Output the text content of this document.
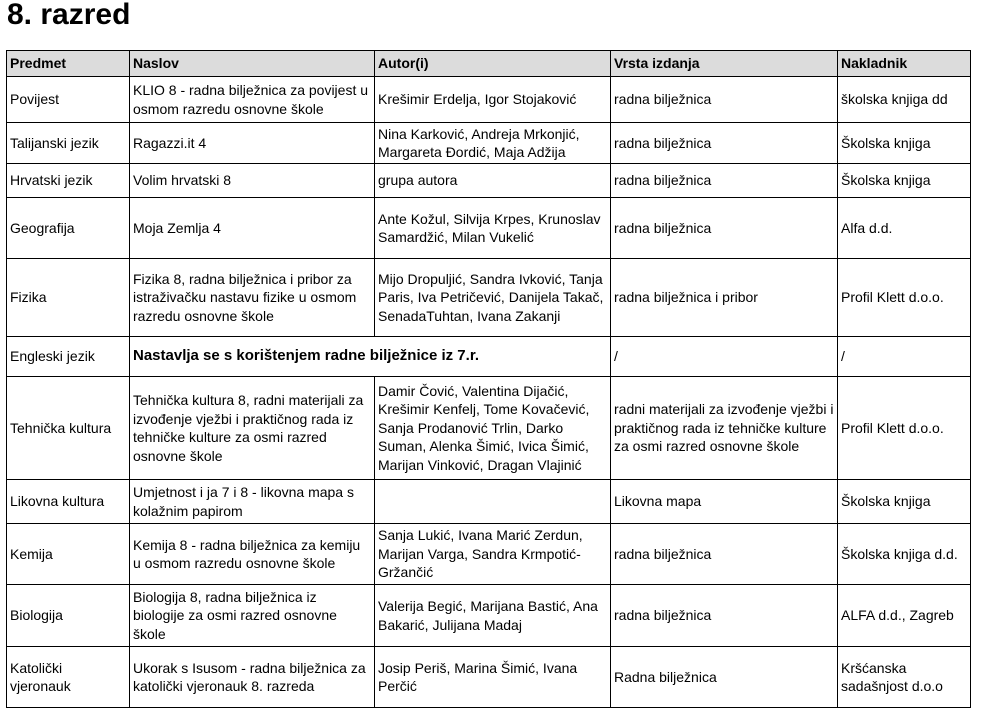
8. razred
Predmet	Naslov	Autor(i)	Vrsta izdanja	Nakladnik
Povijest	KLIO 8 - radna bilježnica za povijest u osmom razredu osnovne škole	Krešimir Erdelja, Igor Stojaković	radna bilježnica	školska knjiga dd
Talijanski jezik	Ragazzi.it 4	Nina Karković, Andreja Mrkonjić, Margareta Đordić, Maja Adžija	radna bilježnica	Školska knjiga
Hrvatski jezik	Volim hrvatski 8	grupa autora	radna bilježnica	Školska knjiga
Geografija	Moja Zemlja 4	Ante Kožul, Silvija Krpes, Krunoslav Samardžić, Milan Vukelić	radna bilježnica	Alfa d.d.
Fizika	Fizika 8, radna bilježnica i pribor za istraživačku nastavu fizike u osmom razredu osnovne škole	Mijo Dropuljić, Sandra Ivković, Tanja Paris, Iva Petričević, Danijela Takač, SenadaTuhtan, Ivana Zakanji	radna bilježnica i pribor	Profil Klett d.o.o.
Engleski jezik	Nastavlja se s korištenjem radne bilježnice iz 7.r.		/	/
Tehnička kultura	Tehnička kultura 8, radni materijali za izvođenje vježbi i praktičnog rada iz tehničke kulture za osmi razred osnovne škole	Damir Čović, Valentina Dijačić, Krešimir Kenfelj, Tome Kovačević, Sanja Prodanović Trlin, Darko Suman, Alenka Šimić, Ivica Šimić, Marijan Vinković, Dragan Vlajinić	radni materijali za izvođenje vježbi i praktičnog rada iz tehničke kulture za osmi razred osnovne škole	Profil Klett d.o.o.
Likovna kultura	Umjetnost i ja 7 i 8 - likovna mapa s kolažnim papirom		Likovna mapa	Školska knjiga
Kemija	Kemija 8 - radna bilježnica za kemiju u osmom razredu osnovne škole	Sanja Lukić, Ivana Marić Zerdun, Marijan Varga, Sandra Krmpotić-Gržančić	radna bilježnica	Školska knjiga d.d.
Biologija	Biologija 8, radna bilježnica iz biologije za osmi razred osnovne škole	Valerija Begić, Marijana Bastić, Ana Bakarić, Julijana Madaj	radna bilježnica	ALFA d.d., Zagreb
Katolički vjeronauk	Ukorak s Isusom - radna bilježnica za katolički vjeronauk 8. razreda	Josip Periš, Marina Šimić, Ivana Perčić	Radna bilježnica	Kršćanska sadašnjost d.o.o
